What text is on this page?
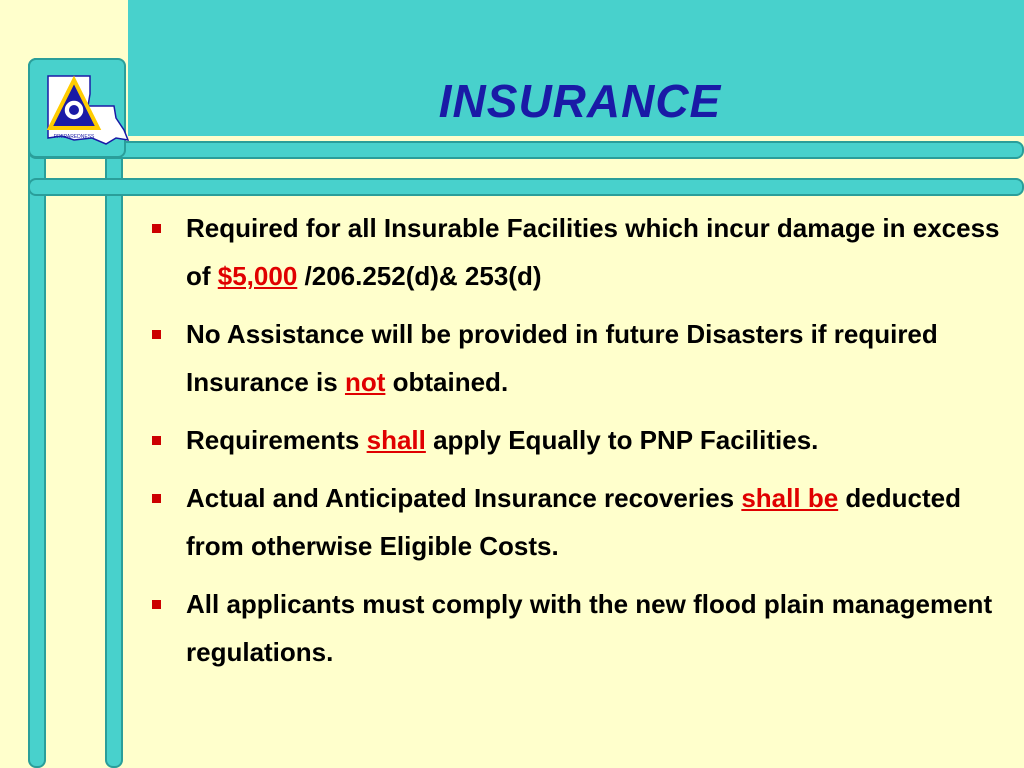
PREPAREDNESS
INSURANCE
Required for all Insurable Facilities which incur damage in excess of $5,000 /206.252(d)& 253(d)
No Assistance will be provided in future Disasters if required Insurance is not obtained.
Requirements shall apply Equally to PNP Facilities.
Actual and Anticipated Insurance recoveries shall be deducted from otherwise Eligible Costs.
All applicants must comply with the new flood plain management regulations.
